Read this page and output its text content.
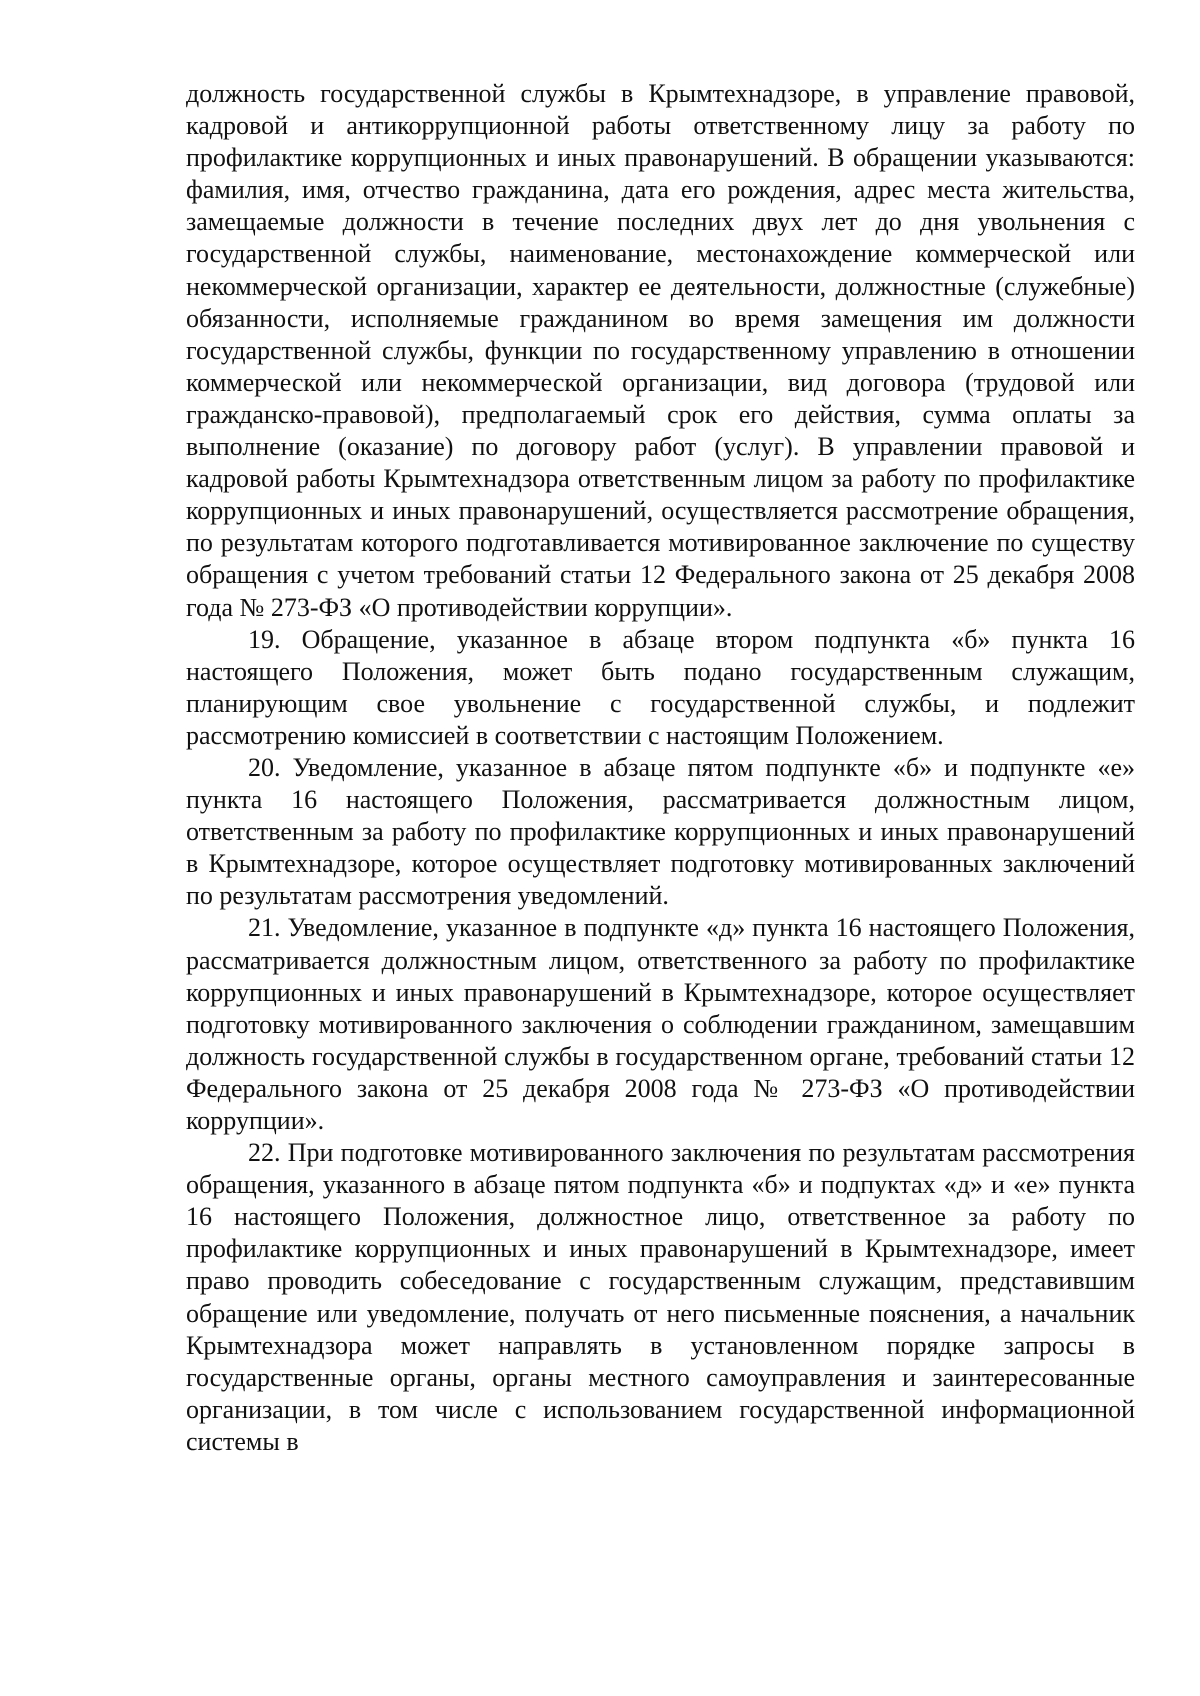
должность государственной службы в Крымтехнадзоре, в управление правовой, кадровой и антикоррупционной работы ответственному лицу за работу по профилактике коррупционных и иных правонарушений. В обращении указываются: фамилия, имя, отчество гражданина, дата его рождения, адрес места жительства, замещаемые должности в течение последних двух лет до дня увольнения с государственной службы, наименование, местонахождение коммерческой или некоммерческой организации, характер ее деятельности, должностные (служебные) обязанности, исполняемые гражданином во время замещения им должности государственной службы, функции по государственному управлению в отношении коммерческой или некоммерческой организации, вид договора (трудовой или гражданско-правовой), предполагаемый срок его действия, сумма оплаты за выполнение (оказание) по договору работ (услуг). В управлении правовой и кадровой работы Крымтехнадзора ответственным лицом за работу по профилактике коррупционных и иных правонарушений, осуществляется рассмотрение обращения, по результатам которого подготавливается мотивированное заключение по существу обращения с учетом требований статьи 12 Федерального закона от 25 декабря 2008 года № 273-ФЗ «О противодействии коррупции».

19. Обращение, указанное в абзаце втором подпункта «б» пункта 16 настоящего Положения, может быть подано государственным служащим, планирующим свое увольнение с государственной службы, и подлежит рассмотрению комиссией в соответствии с настоящим Положением.

20. Уведомление, указанное в абзаце пятом подпункте «б» и подпункте «е» пункта 16 настоящего Положения, рассматривается должностным лицом, ответственным за работу по профилактике коррупционных и иных правонарушений в Крымтехнадзоре, которое осуществляет подготовку мотивированных заключений по результатам рассмотрения уведомлений.

21. Уведомление, указанное в подпункте «д» пункта 16 настоящего Положения, рассматривается должностным лицом, ответственного за работу по профилактике коррупционных и иных правонарушений в Крымтехнадзоре, которое осуществляет подготовку мотивированного заключения о соблюдении гражданином, замещавшим должность государственной службы в государственном органе, требований статьи 12 Федерального закона от 25 декабря 2008 года № 273-ФЗ «О противодействии коррупции».

22. При подготовке мотивированного заключения по результатам рассмотрения обращения, указанного в абзаце пятом подпункта «б» и подпуктах «д» и «е» пункта 16 настоящего Положения, должностное лицо, ответственное за работу по профилактике коррупционных и иных правонарушений в Крымтехнадзоре, имеет право проводить собеседование с государственным служащим, представившим обращение или уведомление, получать от него письменные пояснения, а начальник Крымтехнадзора может направлять в установленном порядке запросы в государственные органы, органы местного самоуправления и заинтересованные организации, в том числе с использованием государственной информационной системы в
